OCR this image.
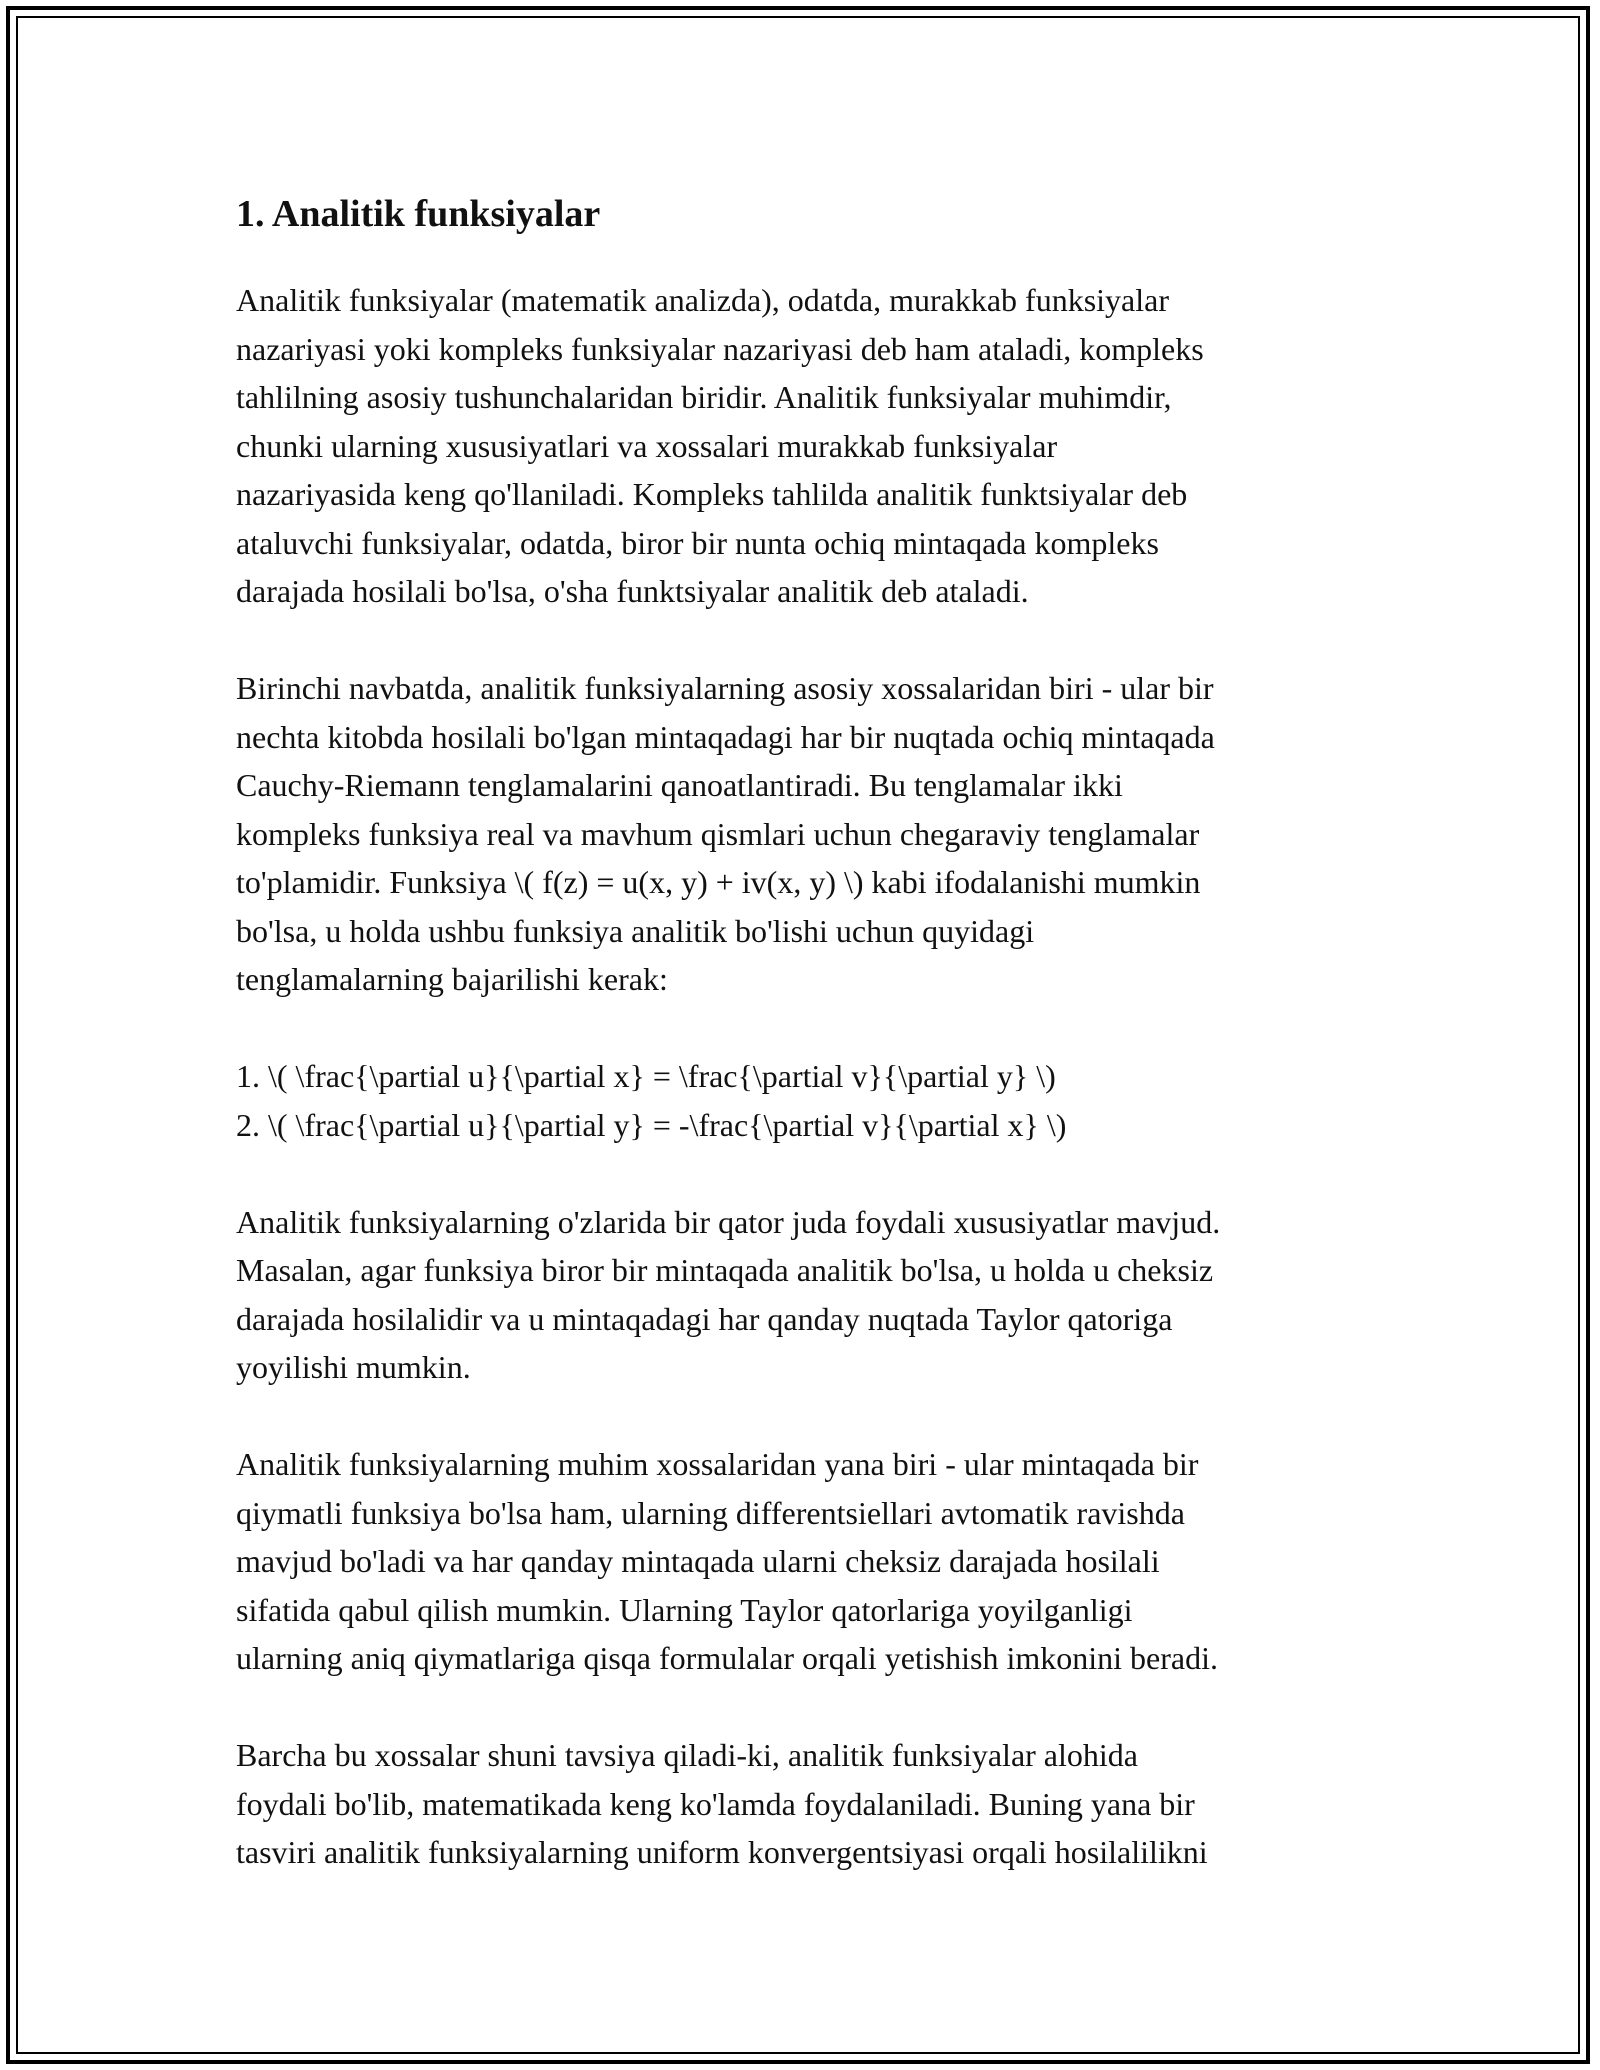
1. Analitik funksiyalar

Analitik funksiyalar (matematik analizda), odatda, murakkab funksiyalar
nazariyasi yoki kompleks funksiyalar nazariyasi deb ham ataladi, kompleks
tahlilning asosiy tushunchalaridan biridir. Analitik funksiyalar muhimdir,
chunki ularning xususiyatlari va xossalari murakkab funksiyalar
nazariyasida keng qo'llaniladi. Kompleks tahlilda analitik funktsiyalar deb
ataluvchi funksiyalar, odatda, biror bir nunta ochiq mintaqada kompleks
darajada hosilali bo'lsa, o'sha funktsiyalar analitik deb ataladi.

Birinchi navbatda, analitik funksiyalarning asosiy xossalaridan biri - ular bir
nechta kitobda hosilali bo'lgan mintaqadagi har bir nuqtada ochiq mintaqada
Cauchy-Riemann tenglamalarini qanoatlantiradi. Bu tenglamalar ikki
kompleks funksiya real va mavhum qismlari uchun chegaraviy tenglamalar
to'plamidir. Funksiya \( f(z) = u(x, y) + iv(x, y) \) kabi ifodalanishi mumkin
bo'lsa, u holda ushbu funksiya analitik bo'lishi uchun quyidagi
tenglamalarning bajarilishi kerak:

1. \( \frac{\partial u}{\partial x} = \frac{\partial v}{\partial y} \)
2. \( \frac{\partial u}{\partial y} = -\frac{\partial v}{\partial x} \)

Analitik funksiyalarning o'zlarida bir qator juda foydali xususiyatlar mavjud.
Masalan, agar funksiya biror bir mintaqada analitik bo'lsa, u holda u cheksiz
darajada hosilalidir va u mintaqadagi har qanday nuqtada Taylor qatoriga
yoyilishi mumkin.

Analitik funksiyalarning muhim xossalaridan yana biri - ular mintaqada bir
qiymatli funksiya bo'lsa ham, ularning differentsiellari avtomatik ravishda
mavjud bo'ladi va har qanday mintaqada ularni cheksiz darajada hosilali
sifatida qabul qilish mumkin. Ularning Taylor qatorlariga yoyilganligi
ularning aniq qiymatlariga qisqa formulalar orqali yetishish imkonini beradi.

Barcha bu xossalar shuni tavsiya qiladi-ki, analitik funksiyalar alohida
foydali bo'lib, matematikada keng ko'lamda foydalaniladi. Buning yana bir
tasviri analitik funksiyalarning uniform konvergentsiyasi orqali hosilalilikni
